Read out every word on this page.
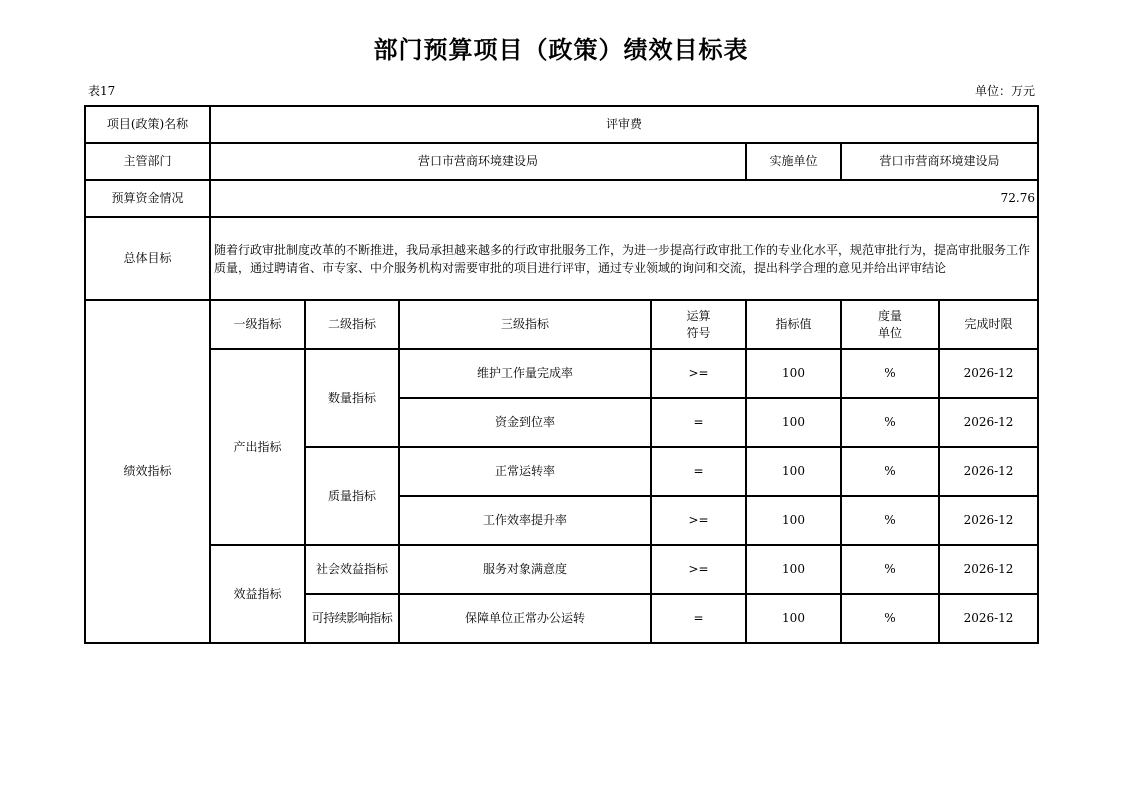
部门预算项目（政策）绩效目标表
表17	单位：万元
项目(政策)名称	评审费						
主管部门	营口市营商环境建设局				实施单位	营口市营商环境建设局	
预算资金情况	72.76						
总体目标	随着行政审批制度改革的不断推进，我局承担越来越多的行政审批服务工作，为进一步提高行政审批工作的专业化水平，规范审批行为，提高审批服务工作质量，通过聘请省、市专家、中介服务机构对需要审批的项目进行评审，通过专业领域的询问和交流，提出科学合理的意见并给出评审结论						
绩效指标	一级指标	二级指标	三级指标	运算符号	指标值	度量单位	完成时限
	产出指标	数量指标	维护工作量完成率	>=	100	%	2026-12
			资金到位率	=	100	%	2026-12
		质量指标	正常运转率	=	100	%	2026-12
			工作效率提升率	>=	100	%	2026-12
	效益指标	社会效益指标	服务对象满意度	>=	100	%	2026-12
		可持续影响指标	保障单位正常办公运转	=	100	%	2026-12
